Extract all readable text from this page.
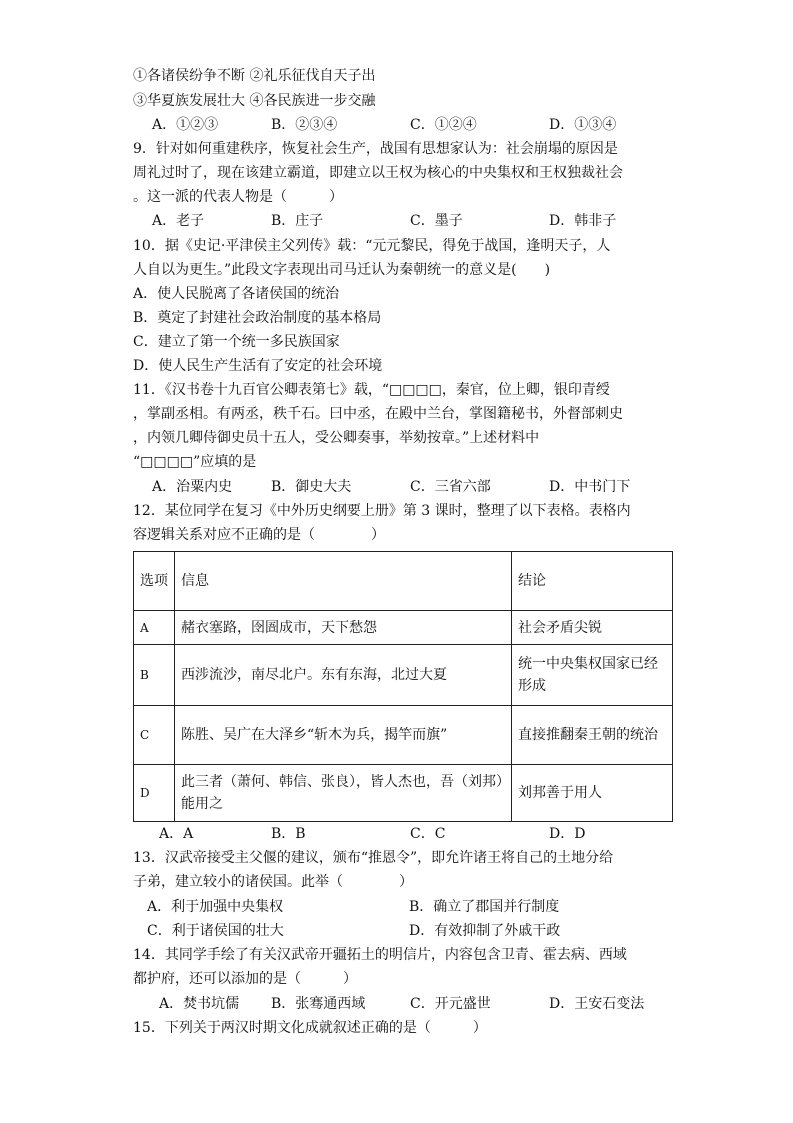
①各诸侯纷争不断 ②礼乐征伐自天子出
③华夏族发展壮大 ④各民族进一步交融
A．①②③	B．②③④	C．①②④	D．①③④
9．针对如何重建秩序，恢复社会生产，战国有思想家认为：社会崩塌的原因是
周礼过时了，现在该建立霸道，即建立以王权为核心的中央集权和王权独裁社会
。这一派的代表人物是（　　　）
A．老子	B．庄子	C．墨子	D．韩非子
10．据《史记·平津侯主父列传》载：“元元黎民，得免于战国，逢明天子，人
人自以为更生。”此段文字表现出司马迁认为秦朝统一的意义是(　　)
A．使人民脱离了各诸侯国的统治
B．奠定了封建社会政治制度的基本格局
C．建立了第一个统一多民族国家
D．使人民生产生活有了安定的社会环境
11．《汉书卷十九百官公卿表第七》载，“□□□□，秦官，位上卿，银印青绶
，掌副丞相。有两丞，秩千石。曰中丞，在殿中兰台，掌图籍秘书，外督部刺史
，内领几卿侍御史员十五人，受公卿奏事，举劾按章。”上述材料中
“□□□□”应填的是
A．治粟内史	B．御史大夫	C．三省六部	D．中书门下
12．某位同学在复习《中外历史纲要上册》第 3 课时，整理了以下表格。表格内
容逻辑关系对应不正确的是（　　　　）
选项	信息	结论
A	赭衣塞路，囹圄成市，天下愁怨	社会矛盾尖锐
B	西涉流沙，南尽北户。东有东海，北过大夏	统一中央集权国家已经形成
C	陈胜、吴广在大泽乡“斩木为兵，揭竿而旗”	直接推翻秦王朝的统治
D	此三者（萧何、韩信、张良），皆人杰也，吾（刘邦）能用之	刘邦善于用人
A．A	B．B	C．C	D．D
13．汉武帝接受主父偃的建议，颁布“推恩令”，即允许诸王将自己的土地分给
子弟，建立较小的诸侯国。此举（　　　　）
A．利于加强中央集权	B．确立了郡国并行制度
C．利于诸侯国的壮大	D．有效抑制了外戚干政
14．其同学手绘了有关汉武帝开疆拓土的明信片，内容包含卫青、霍去病、西域
都护府，还可以添加的是（　　　）
A．焚书坑儒 B．张骞通西域	C．开元盛世	D．王安石变法
15．下列关于两汉时期文化成就叙述正确的是（　　　）
